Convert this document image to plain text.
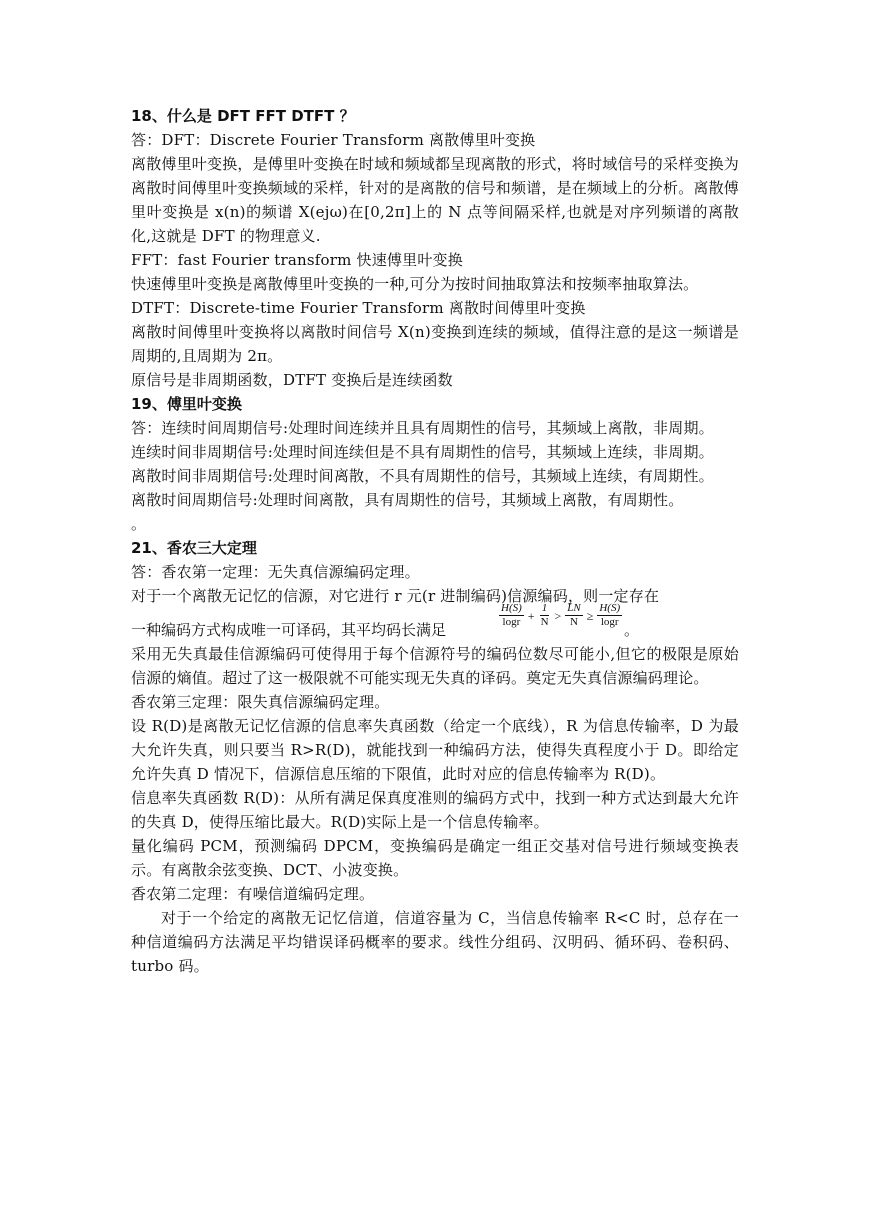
18、什么是 DFT FFT DTFT ？
答：DFT：Discrete Fourier Transform 离散傅里叶变换
离散傅里叶变换，是傅里叶变换在时域和频域都呈现离散的形式，将时域信号的采样变换为离散时间傅里叶变换频域的采样，针对的是离散的信号和频谱，是在频域上的分析。离散傅里叶变换是 x(n)的频谱 X(ejω)在[0,2π]上的 N 点等间隔采样,也就是对序列频谱的离散化,这就是 DFT 的物理意义.
FFT：fast Fourier transform 快速傅里叶变换
快速傅里叶变换是离散傅里叶变换的一种,可分为按时间抽取算法和按频率抽取算法。
DTFT：Discrete-time Fourier Transform 离散时间傅里叶变换
离散时间傅里叶变换将以离散时间信号 X(n)变换到连续的频域，值得注意的是这一频谱是周期的,且周期为 2π。
原信号是非周期函数，DTFT 变换后是连续函数
19、傅里叶变换
答：连续时间周期信号:处理时间连续并且具有周期性的信号，其频域上离散，非周期。
连续时间非周期信号:处理时间连续但是不具有周期性的信号，其频域上连续，非周期。
离散时间非周期信号:处理时间离散，不具有周期性的信号，其频域上连续，有周期性。
离散时间周期信号:处理时间离散，具有周期性的信号，其频域上离散，有周期性。
。
21、香农三大定理
答：香农第一定理：无失真信源编码定理。
对于一个离散无记忆的信源，对它进行 r 元(r 进制编码)信源编码，则一定存在
一种编码方式构成唯一可译码，其平均码长满足
$\frac{H(S)}{\log r} + \frac{1}{N} > \frac{L̄N}{N} \ge \frac{H(S)}{\log r}$
。
采用无失真最佳信源编码可使得用于每个信源符号的编码位数尽可能小,但它的极限是原始信源的熵值。超过了这一极限就不可能实现无失真的译码。奠定无失真信源编码理论。
香农第三定理：限失真信源编码定理。
设 R(D)是离散无记忆信源的信息率失真函数（给定一个底线），R 为信息传输率，D 为最大允许失真，则只要当 R>R(D)，就能找到一种编码方法，使得失真程度小于 D。即给定允许失真 D 情况下，信源信息压缩的下限值，此时对应的信息传输率为 R(D)。
信息率失真函数 R(D)：从所有满足保真度准则的编码方式中，找到一种方式达到最大允许的失真 D，使得压缩比最大。R(D)实际上是一个信息传输率。
量化编码 PCM，预测编码 DPCM，变换编码是确定一组正交基对信号进行频域变换表示。有离散余弦变换、DCT、小波变换。
香农第二定理：有噪信道编码定理。
对于一个给定的离散无记忆信道，信道容量为 C，当信息传输率 R<C 时，总存在一种信道编码方法满足平均错误译码概率的要求。线性分组码、汉明码、循环码、卷积码、turbo 码。
